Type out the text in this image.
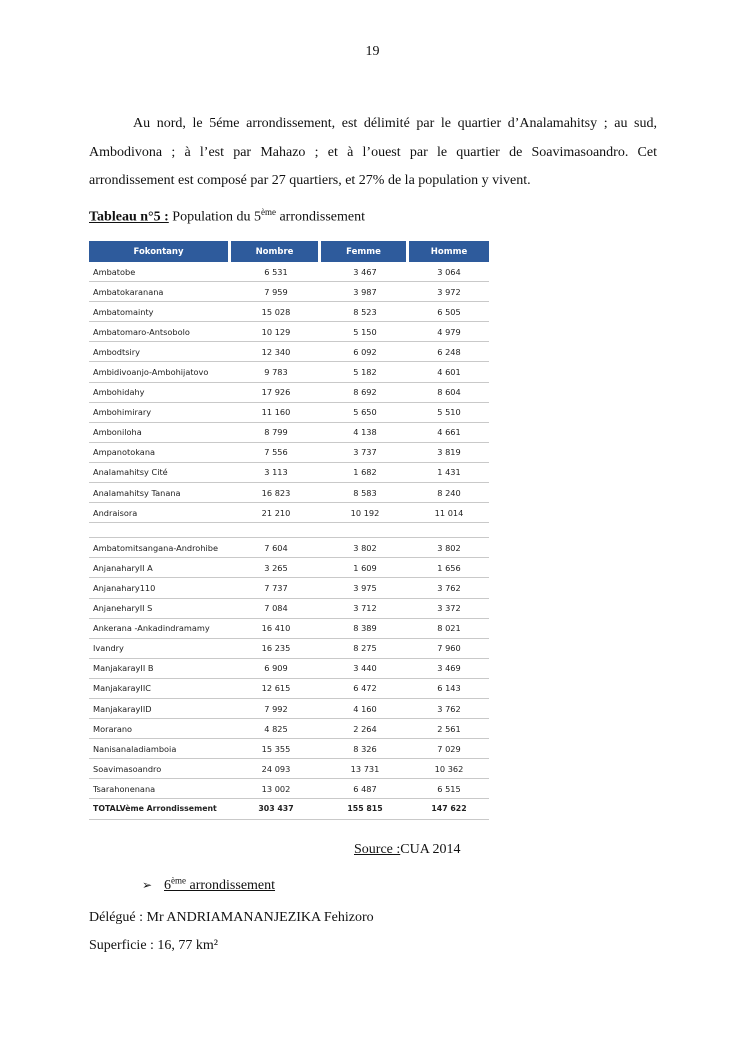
19
Au nord, le 5éme arrondissement, est délimité par le quartier d’Analamahitsy ; au sud, Ambodivona ; à l’est par Mahazo ; et à l’ouest par le quartier de Soavimasoandro. Cet arrondissement est composé par 27 quartiers, et 27% de la population y vivent.
Tableau n°5 : Population du 5ème arrondissement
Fokontany	Nombre	Femme	Homme
Ambatobe	6 531	3 467	3 064
Ambatokaranana	7 959	3 987	3 972
Ambatomainty	15 028	8 523	6 505
Ambatomaro-Antsobolo	10 129	5 150	4 979
Ambodtsiry	12 340	6 092	6 248
Ambidivoanjo-Ambohijatovo	9 783	5 182	4 601
Ambohidahy	17 926	8 692	8 604
Ambohimirary	11 160	5 650	5 510
Amboniloha	8 799	4 138	4 661
Ampanotokana	7 556	3 737	3 819
Analamahitsy Cité	3 113	1 682	1 431
Analamahitsy Tanana	16 823	8 583	8 240
Andraisora	21 210	10 192	11 014

Ambatomitsangana-Androhibe	7 604	3 802	3 802
AnjanaharyII A	3 265	1 609	1 656
Anjanahary110	7 737	3 975	3 762
AnjaneharyII S	7 084	3 712	3 372
Ankerana -Ankadindramamy	16 410	8 389	8 021
Ivandry	16 235	8 275	7 960
ManjakarayII B	6 909	3 440	3 469
ManjakarayIIC	12 615	6 472	6 143
ManjakarayIID	7 992	4 160	3 762
Morarano	4 825	2 264	2 561
Nanisanaladiamboia	15 355	8 326	7 029
Soavimasoandro	24 093	13 731	10 362
Tsarahonenana	13 002	6 487	6 515
TOTALVème Arrondissement	303 437	155 815	147 622
Source :CUA 2014
➢ 6ème arrondissement
Délégué : Mr ANDRIAMANANJEZIKA Fehizoro
Superficie : 16, 77 km²
